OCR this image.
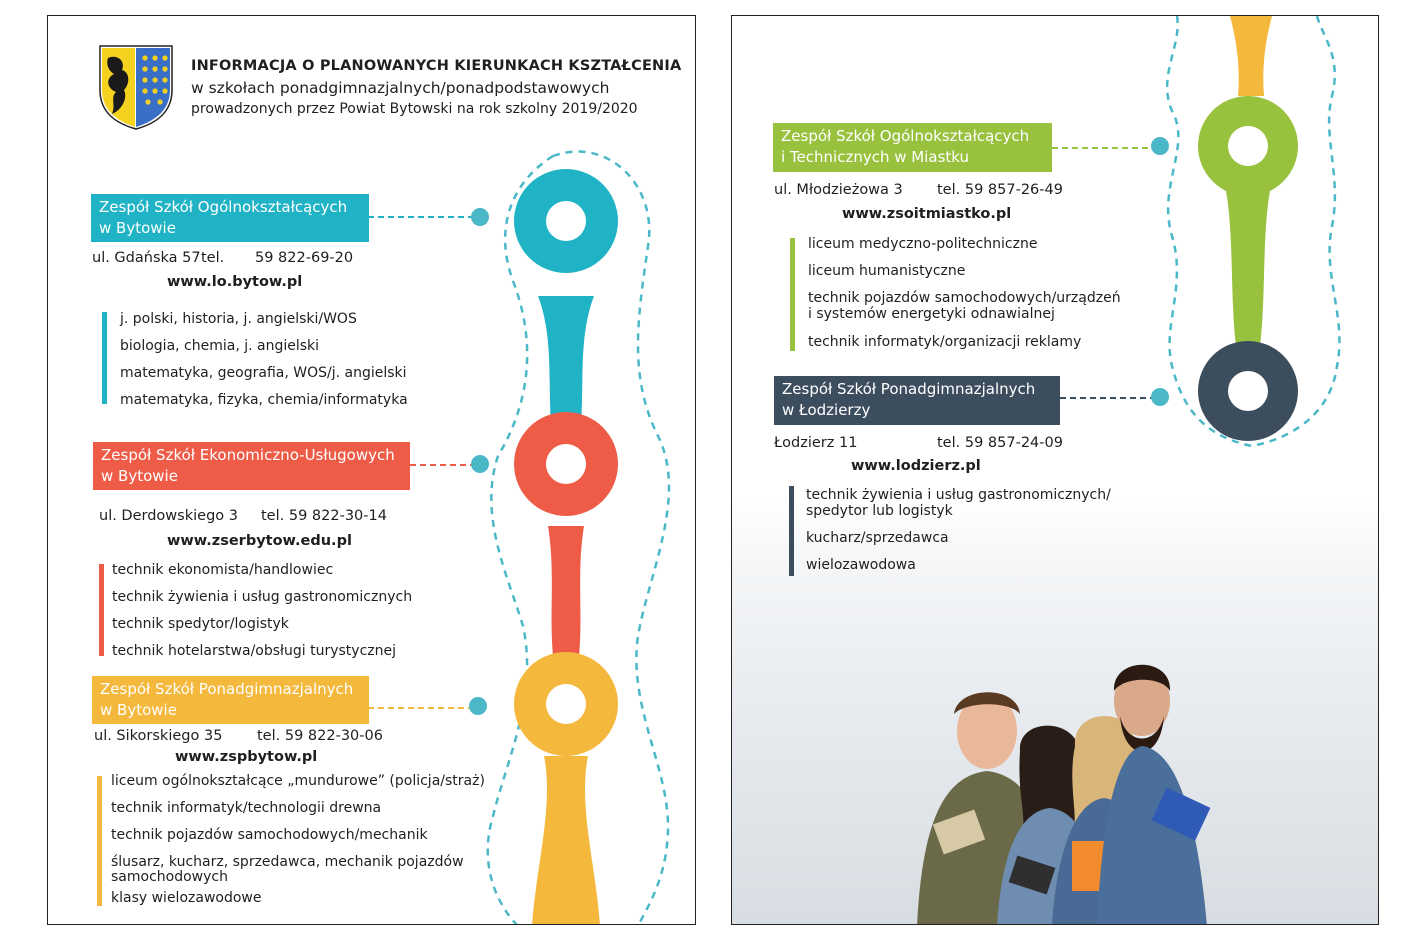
INFORMACJA O PLANOWANYCH KIERUNKACH KSZTAŁCENIA
w szkołach ponadgimnazjalnych/ponadpodstawowych
prowadzonych przez Powiat Bytowski na rok szkolny 2019/2020
Zespół Szkół Ogólnokształcących
w Bytowie
ul. Gdańska 57 tel. 59 822-69-20
www.lo.bytow.pl
j. polski, historia, j. angielski/WOS
biologia, chemia, j. angielski
matematyka, geografia, WOS/j. angielski
matematyka, fizyka, chemia/informatyka
Zespół Szkół Ekonomiczno-Usługowych
w Bytowie
ul. Derdowskiego 3 tel. 59 822-30-14
www.zserbytow.edu.pl
technik ekonomista/handlowiec
technik żywienia i usług gastronomicznych
technik spedytor/logistyk
technik hotelarstwa/obsługi turystycznej
Zespół Szkół Ponadgimnazjalnych
w Bytowie
ul. Sikorskiego 35 tel. 59 822-30-06
www.zspbytow.pl
liceum ogólnokształcące „mundurowe” (policja/straż)
technik informatyk/technologii drewna
technik pojazdów samochodowych/mechanik
ślusarz, kucharz, sprzedawca, mechanik pojazdów
samochodowych
klasy wielozawodowe
Zespół Szkół Ogólnokształcących
i Technicznych w Miastku
ul. Młodzieżowa 3 tel. 59 857-26-49
www.zsoitmiastko.pl
liceum medyczno-politechniczne
liceum humanistyczne
technik pojazdów samochodowych/urządzeń
i systemów energetyki odnawialnej
technik informatyk/organizacji reklamy
Zespół Szkół Ponadgimnazjalnych
w Łodzierzy
Łodzierz 11	tel. 59 857-24-09
www.lodzierz.pl
technik żywienia i usług gastronomicznych/
spedytor lub logistyk
kucharz/sprzedawca
wielozawodowa
